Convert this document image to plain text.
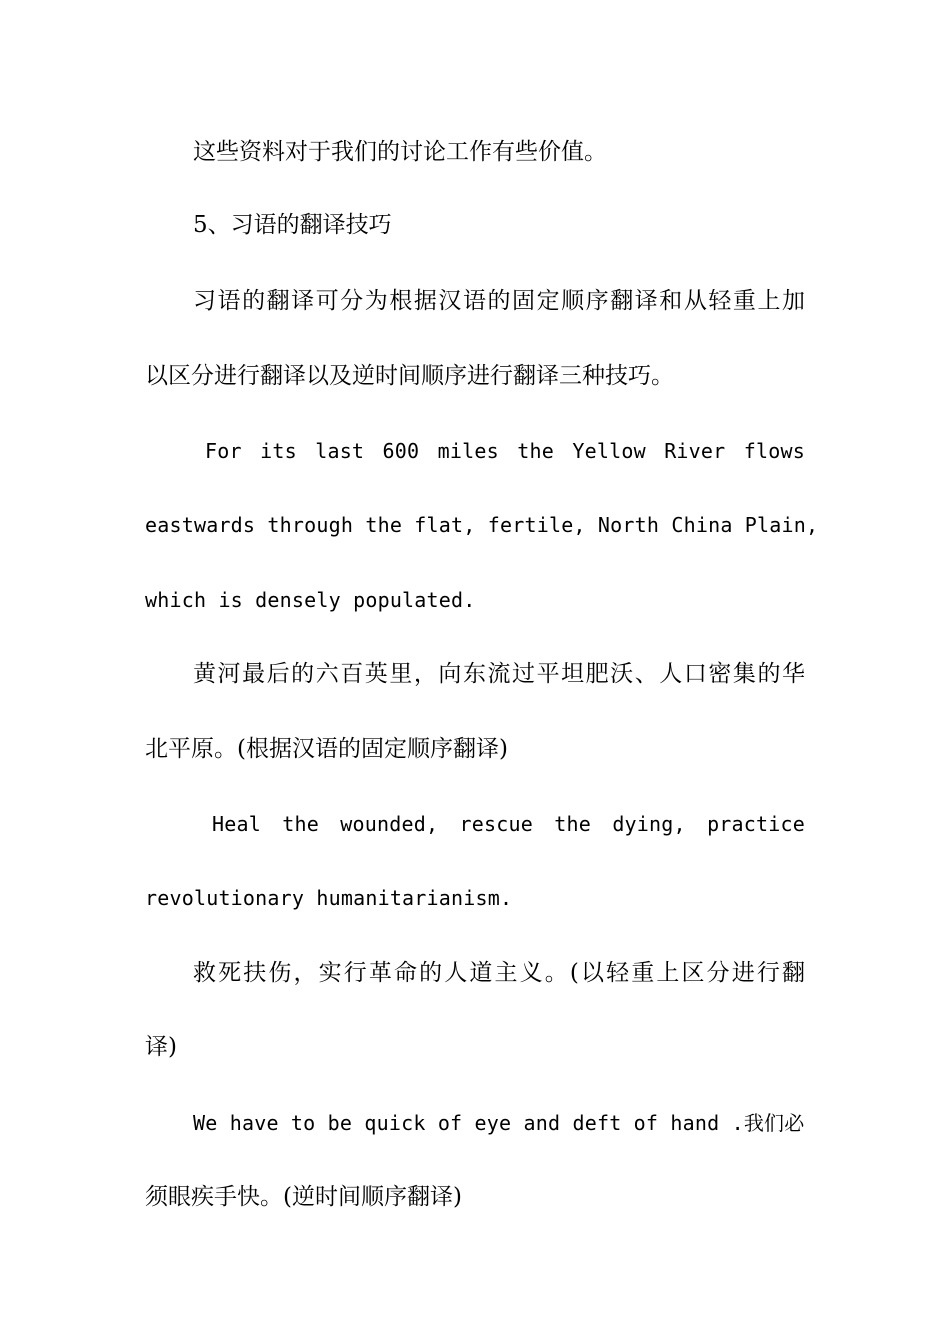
这些资料对于我们的讨论工作有些价值。
5、习语的翻译技巧
习语的翻译可分为根据汉语的固定顺序翻译和从轻重上加
以区分进行翻译以及逆时间顺序进行翻译三种技巧。
For its last 600 miles the Yellow River flows
eastwards through the flat, fertile, North China Plain,
which is densely populated.
黄河最后的六百英里，向东流过平坦肥沃、人口密集的华
北平原。(根据汉语的固定顺序翻译)
Heal the wounded, rescue the dying, practice
revolutionary humanitarianism.
救死扶伤，实行革命的人道主义。(以轻重上区分进行翻
译)
We have to be quick of eye and deft of hand .我们必
须眼疾手快。(逆时间顺序翻译)
